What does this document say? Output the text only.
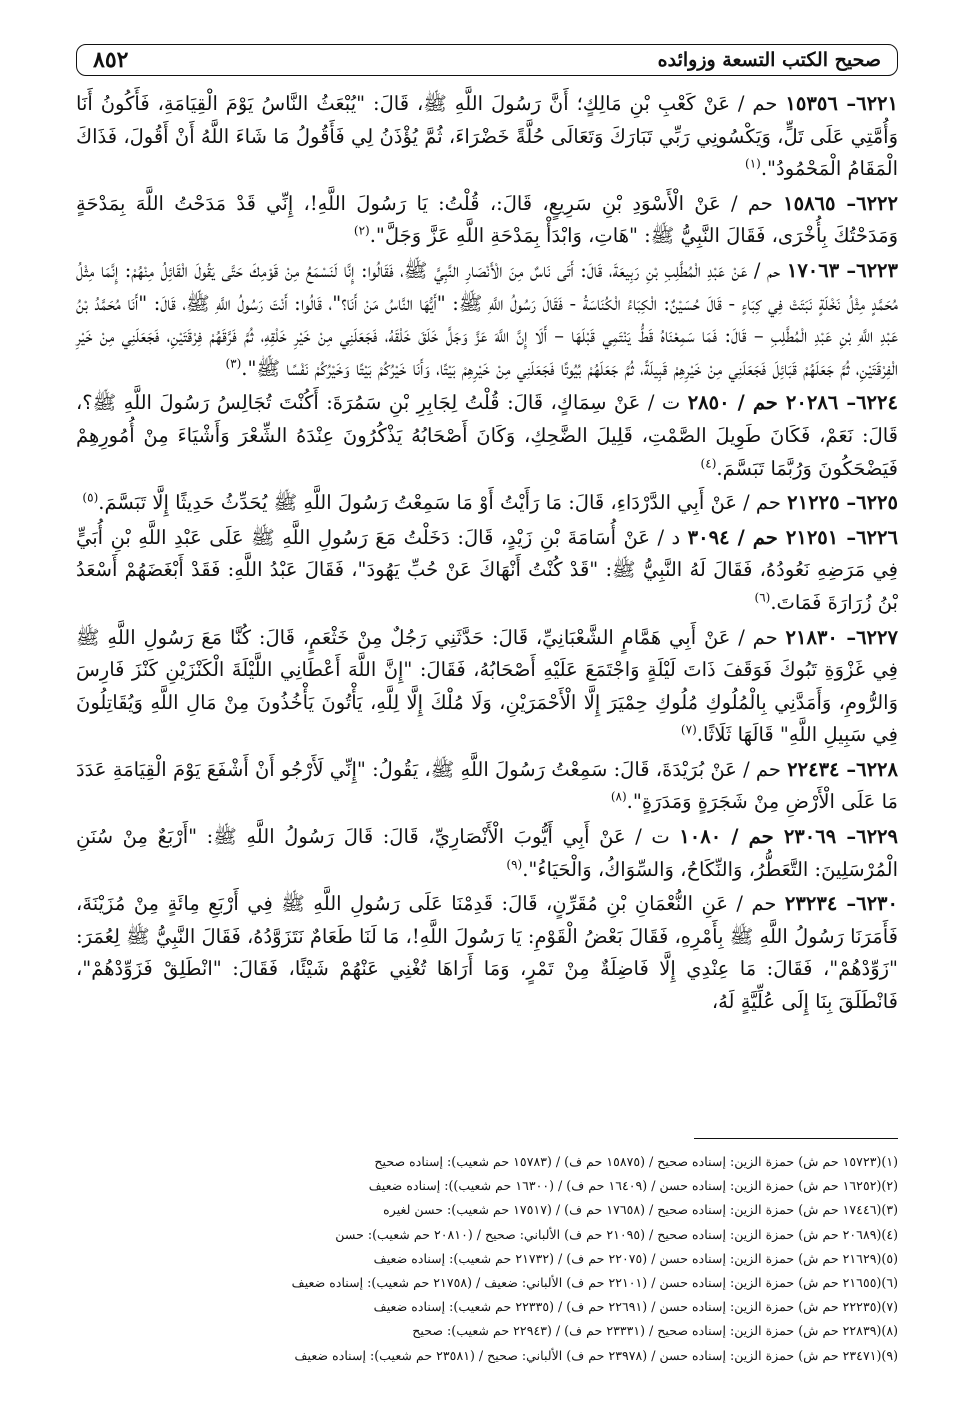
صحيح الكتب التسعة وزوائده
٨٥٢

٦٢٢١– ١٥٣٥٦ حم / عَنْ كَعْبِ بْنِ مَالِكٍ؛ أَنَّ رَسُولَ اللَّهِ ﷺ، قَالَ: "يُبْعَثُ النَّاسُ يَوْمَ الْقِيَامَةِ، فَأَكُونُ أَنَا وَأُمَّتِي عَلَى تَلٍّ، وَيَكْسُونِي رَبِّي تَبَارَكَ وَتَعَالَى حُلَّةً خَضْرَاءَ، ثُمَّ يُؤْذَنُ لِي فَأَقُولُ مَا شَاءَ اللَّهُ أَنْ أَقُولَ، فَذَاكَ الْمَقَامُ الْمَحْمُودُ".$^{(١)}$

٦٢٢٢– ١٥٨٦٥ حم / عَنْ الْأَسْوَدِ بْنِ سَرِيعٍ، قَالَ:، قُلْتُ: يَا رَسُولَ اللَّهِ!، إِنِّي قَدْ مَدَحْتُ اللَّهَ بِمَدْحَةٍ وَمَدَحْتُكَ بِأُخْرَى، فَقَالَ النَّبِيُّ ﷺ: "هَاتِ، وَابْدَأْ بِمَدْحَةِ اللَّهِ عَزَّ وَجَلَّ".$^{(٢)}$

٦٢٢٣– ١٧٠٦٣ حم / عَنْ عَبْدِ الْمُطَّلِبِ بْنِ رَبِيعَةَ، قَالَ: أَتَى نَاسٌ مِنَ الْأَنْصَارِ النَّبِيَّ ﷺ، فَقَالُوا: إِنَّا لَنَسْمَعُ مِنْ قَوْمِكَ حَتَّى يَقُولَ الْقَائِلُ مِنْهُمْ: إِنَّمَا مِثْلُ مُحَمَّدٍ مِثْلُ نَخْلَةٍ نَبَتَتْ فِي كِبَاءٍ - قَالَ حُسَيْنٌ: الْكِبَاءُ الْكُنَاسَةُ - فَقَالَ رَسُولُ اللَّهِ ﷺ: "أَيُّهَا النَّاسُ مَنْ أَنَا؟"، قَالُوا: أَنْتَ رَسُولُ اللَّهِ ﷺ، قَالَ: "أَنَا مُحَمَّدُ بْنُ عَبْدِ اللَّهِ بْنِ عَبْدِ الْمُطَّلِبِ – قَالَ: فَمَا سَمِعْنَاهُ قَطُّ يَنْتَمِي قَبْلَهَا – أَلَا إِنَّ اللَّهَ عَزَّ وَجَلَّ خَلَقَ خَلْقَهُ، فَجَعَلَنِي مِنْ خَيْرِ خَلْقِهِ، ثُمَّ فَرَّقَهُمْ فِرْقَتَيْنِ، فَجَعَلَنِي مِنْ خَيْرِ الْفِرْقَتَيْنِ، ثُمَّ جَعَلَهُمْ قَبَائِلَ فَجَعَلَنِي مِنْ خَيْرِهِمْ قَبِيلَةً، ثُمَّ جَعَلَهُمْ بُيُوتًا فَجَعَلَنِي مِنْ خَيْرِهِمْ بَيْتًا، وَأَنَا خَيْرُكُمْ بَيْتًا وَخَيْرُكُمْ نَفْسًا ﷺ".$^{(٣)}$

٦٢٢٤– ٢٠٢٨٦ حم / ٢٨٥٠ ت / عَنْ سِمَاكٍ، قَالَ: قُلْتُ لِجَابِرِ بْنِ سَمُرَةَ: أَكُنْتَ تُجَالِسُ رَسُولَ اللَّهِ ﷺ؟، قَالَ: نَعَمْ، فَكَانَ طَوِيلَ الصَّمْتِ، قَلِيلَ الضَّحِكِ، وَكَانَ أَصْحَابُهُ يَذْكُرُونَ عِنْدَهُ الشِّعْرَ وَأَشْيَاءَ مِنْ أُمُورِهِمْ فَيَضْحَكُونَ وَرُبَّمَا تَبَسَّمَ.$^{(٤)}$

٦٢٢٥– ٢١٢٢٥ حم / عَنْ أَبِي الدَّرْدَاءِ، قَالَ: مَا رَأَيْتُ أَوْ مَا سَمِعْتُ رَسُولَ اللَّهِ ﷺ يُحَدِّثُ حَدِيثًا إِلَّا تَبَسَّمَ.$^{(٥)}$

٦٢٢٦– ٢١٢٥١ حم / ٣٠٩٤ د / عَنْ أُسَامَةَ بْنِ زَيْدٍ، قَالَ: دَخَلْتُ مَعَ رَسُولِ اللَّهِ ﷺ عَلَى عَبْدِ اللَّهِ بْنِ أُبَيٍّ فِي مَرَضِهِ نَعُودُهُ، فَقَالَ لَهُ النَّبِيُّ ﷺ: "قَدْ كُنْتُ أَنْهَاكَ عَنْ حُبِّ يَهُودَ"، فَقَالَ عَبْدُ اللَّهِ: فَقَدْ أَبْغَضَهُمْ أَسْعَدُ بْنُ زُرَارَةَ فَمَاتَ.$^{(٦)}$

٦٢٢٧– ٢١٨٣٠ حم / عَنْ أَبِي هَمَّامٍ الشَّعْبَانِيِّ، قَالَ: حَدَّثَنِي رَجُلٌ مِنْ خَثْعَمٍ، قَالَ: كُنَّا مَعَ رَسُولِ اللَّهِ ﷺ فِي غَزْوَةِ تَبُوكَ فَوَقَفَ ذَاتَ لَيْلَةٍ وَاجْتَمَعَ عَلَيْهِ أَصْحَابُهُ، فَقَالَ: "إِنَّ اللَّهَ أَعْطَانِي اللَّيْلَةَ الْكَنْزَيْنِ كَنْزَ فَارِسَ وَالرُّومِ، وَأَمَدَّنِي بِالْمُلُوكِ مُلُوكِ حِمْيَرَ إِلَّا الْأَحْمَرَيْنِ، وَلَا مُلْكَ إِلَّا لِلَّهِ، يَأْتُونَ يَأْخُذُونَ مِنْ مَالِ اللَّهِ وَيُقَاتِلُونَ فِي سَبِيلِ اللَّهِ" قَالَهَا ثَلَاثًا.$^{(٧)}$

٦٢٢٨– ٢٢٤٣٤ حم / عَنْ بُرَيْدَةَ، قَالَ: سَمِعْتُ رَسُولَ اللَّهِ ﷺ، يَقُولُ: "إِنِّي لَأَرْجُو أَنْ أَشْفَعَ يَوْمَ الْقِيَامَةِ عَدَدَ مَا عَلَى الْأَرْضِ مِنْ شَجَرَةٍ وَمَدَرَةٍ".$^{(٨)}$

٦٢٢٩– ٢٣٠٦٩ حم / ١٠٨٠ ت / عَنْ أَبِي أَيُّوبَ الْأَنْصَارِيِّ، قَالَ: قَالَ رَسُولُ اللَّهِ ﷺ: "أَرْبَعٌ مِنْ سُنَنِ الْمُرْسَلِينَ: التَّعَطُّرُ، وَالنِّكَاحُ، وَالسِّوَاكُ، وَالْحَيَاءُ".$^{(٩)}$

٦٢٣٠– ٢٣٢٣٤ حم / عَنِ النُّعْمَانِ بْنِ مُقَرِّنٍ، قَالَ: قَدِمْنَا عَلَى رَسُولِ اللَّهِ ﷺ فِي أَرْبَعِ مِائَةٍ مِنْ مُزَيْنَةَ، فَأَمَرَنَا رَسُولُ اللَّهِ ﷺ بِأَمْرِهِ، فَقَالَ بَعْضُ الْقَوْمِ: يَا رَسُولَ اللَّهِ!، مَا لَنَا طَعَامٌ نَتَزَوَّدُهُ، فَقَالَ النَّبِيُّ ﷺ لِعُمَرَ: "زَوِّدْهُمْ"، فَقَالَ: مَا عِنْدِي إِلَّا فَاضِلَةٌ مِنْ تَمْرٍ، وَمَا أَرَاهَا تُغْنِي عَنْهُمْ شَيْئًا، فَقَالَ: "انْطَلِقْ فَزَوِّدْهُمْ"، فَانْطَلَقَ بِنَا إِلَى عُلِّيَّةٍ لَهُ،

(١)(١٥٧٢٣ حم ش) حمزة الزين: إسناده صحيح / (١٥٨٧٥ حم ف) / (١٥٧٨٣ حم شعيب): إسناده صحيح
(٢)(١٦٢٥٢ حم ش) حمزة الزين: إسناده حسن / (١٦٤٠٩ حم ف) / (١٦٣٠٠ حم شعيب)): إسناده ضعيف
(٣)(١٧٤٤٦ حم ش) حمزة الزين: إسناده صحيح / (١٧٦٥٨ حم ف) / (١٧٥١٧ حم شعيب): حسن لغيره
(٤)(٢٠٦٨٩ حم ش) حمزة الزين: إسناده صحيح / (٢١٠٩٥ حم ف) الألباني: صحيح / (٢٠٨١٠ حم شعيب): حسن
(٥)(٢١٦٢٩ حم ش) حمزة الزين: إسناده حسن / (٢٢٠٧٥ حم ف) / (٢١٧٣٢ حم شعيب): إسناده ضعيف
(٦)(٢١٦٥٥ حم ش) حمزة الزين: إسناده حسن / (٢٢١٠١ حم ف) الألباني: ضعيف / (٢١٧٥٨ حم شعيب): إسناده ضعيف
(٧)(٢٢٢٣٥ حم ش) حمزة الزين: إسناده حسن / (٢٢٦٩١ حم ف) / (٢٢٣٣٥ حم شعيب): إسناده ضعيف
(٨)(٢٢٨٣٩ حم ش) حمزة الزين: إسناده صحيح / (٢٣٣٣١ حم ف) / (٢٢٩٤٣ حم شعيب): صحيح
(٩)(٢٣٤٧١ حم ش) حمزة الزين: إسناده حسن / (٢٣٩٧٨ حم ف) الألباني: صحيح / (٢٣٥٨١ حم شعيب): إسناده ضعيف
